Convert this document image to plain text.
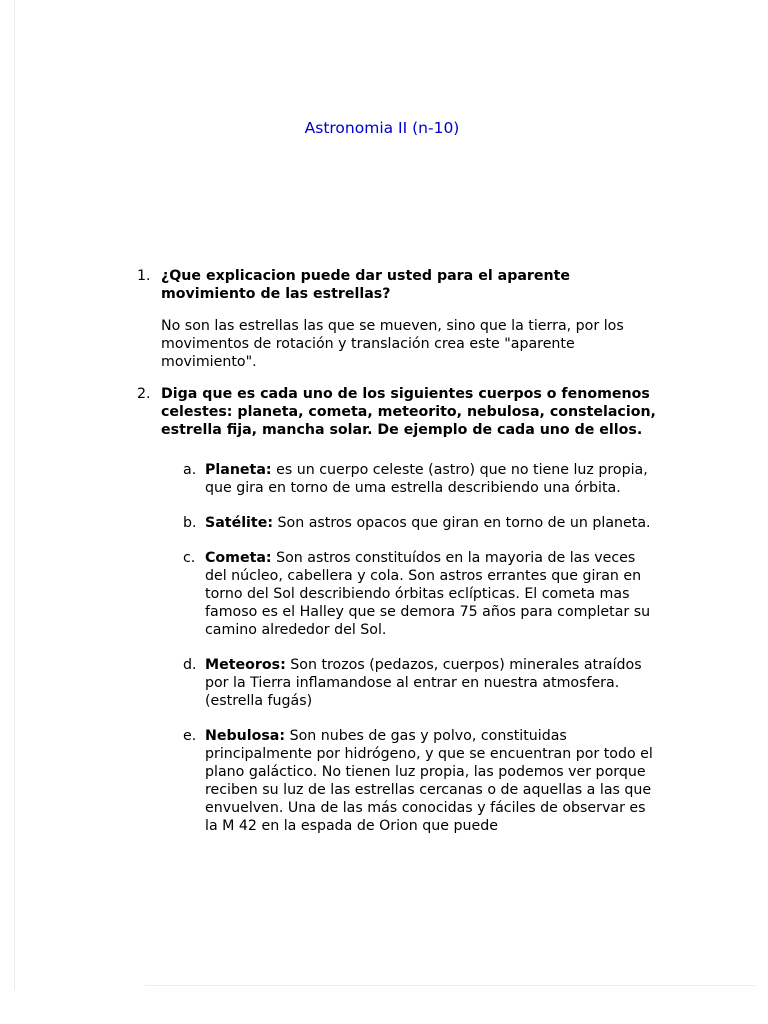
Astronomia II (n-10)
1. ¿Que explicacion puede dar usted para el aparente movimiento de las estrellas?

No son las estrellas las que se mueven, sino que la tierra, por los movimentos de rotación y translación crea este "aparente movimiento".

2. Diga que es cada uno de los siguientes cuerpos o fenomenos celestes: planeta, cometa, meteorito, nebulosa, constelacion, estrella fija, mancha solar. De ejemplo de cada uno de ellos.

a. Planeta: es un cuerpo celeste (astro) que no tiene luz propia, que gira en torno de uma estrella describiendo una órbita.
b. Satélite: Son astros opacos que giran en torno de un planeta.
c. Cometa: Son astros constituídos en la mayoria de las veces del núcleo, cabellera y cola. Son astros errantes que giran en torno del Sol describiendo órbitas eclípticas. El cometa mas famoso es el Halley que se demora 75 años para completar su camino alrededor del Sol.
d. Meteoros: Son trozos (pedazos, cuerpos) minerales atraídos por la Tierra inflamandose al entrar en nuestra atmosfera. (estrella fugás)
e. Nebulosa: Son nubes de gas y polvo, constituidas principalmente por hidrógeno, y que se encuentran por todo el plano galáctico. No tienen luz propia, las podemos ver porque reciben su luz de las estrellas cercanas o de aquellas a las que envuelven. Una de las más conocidas y fáciles de observar es la M 42 en la espada de Orion que puede
